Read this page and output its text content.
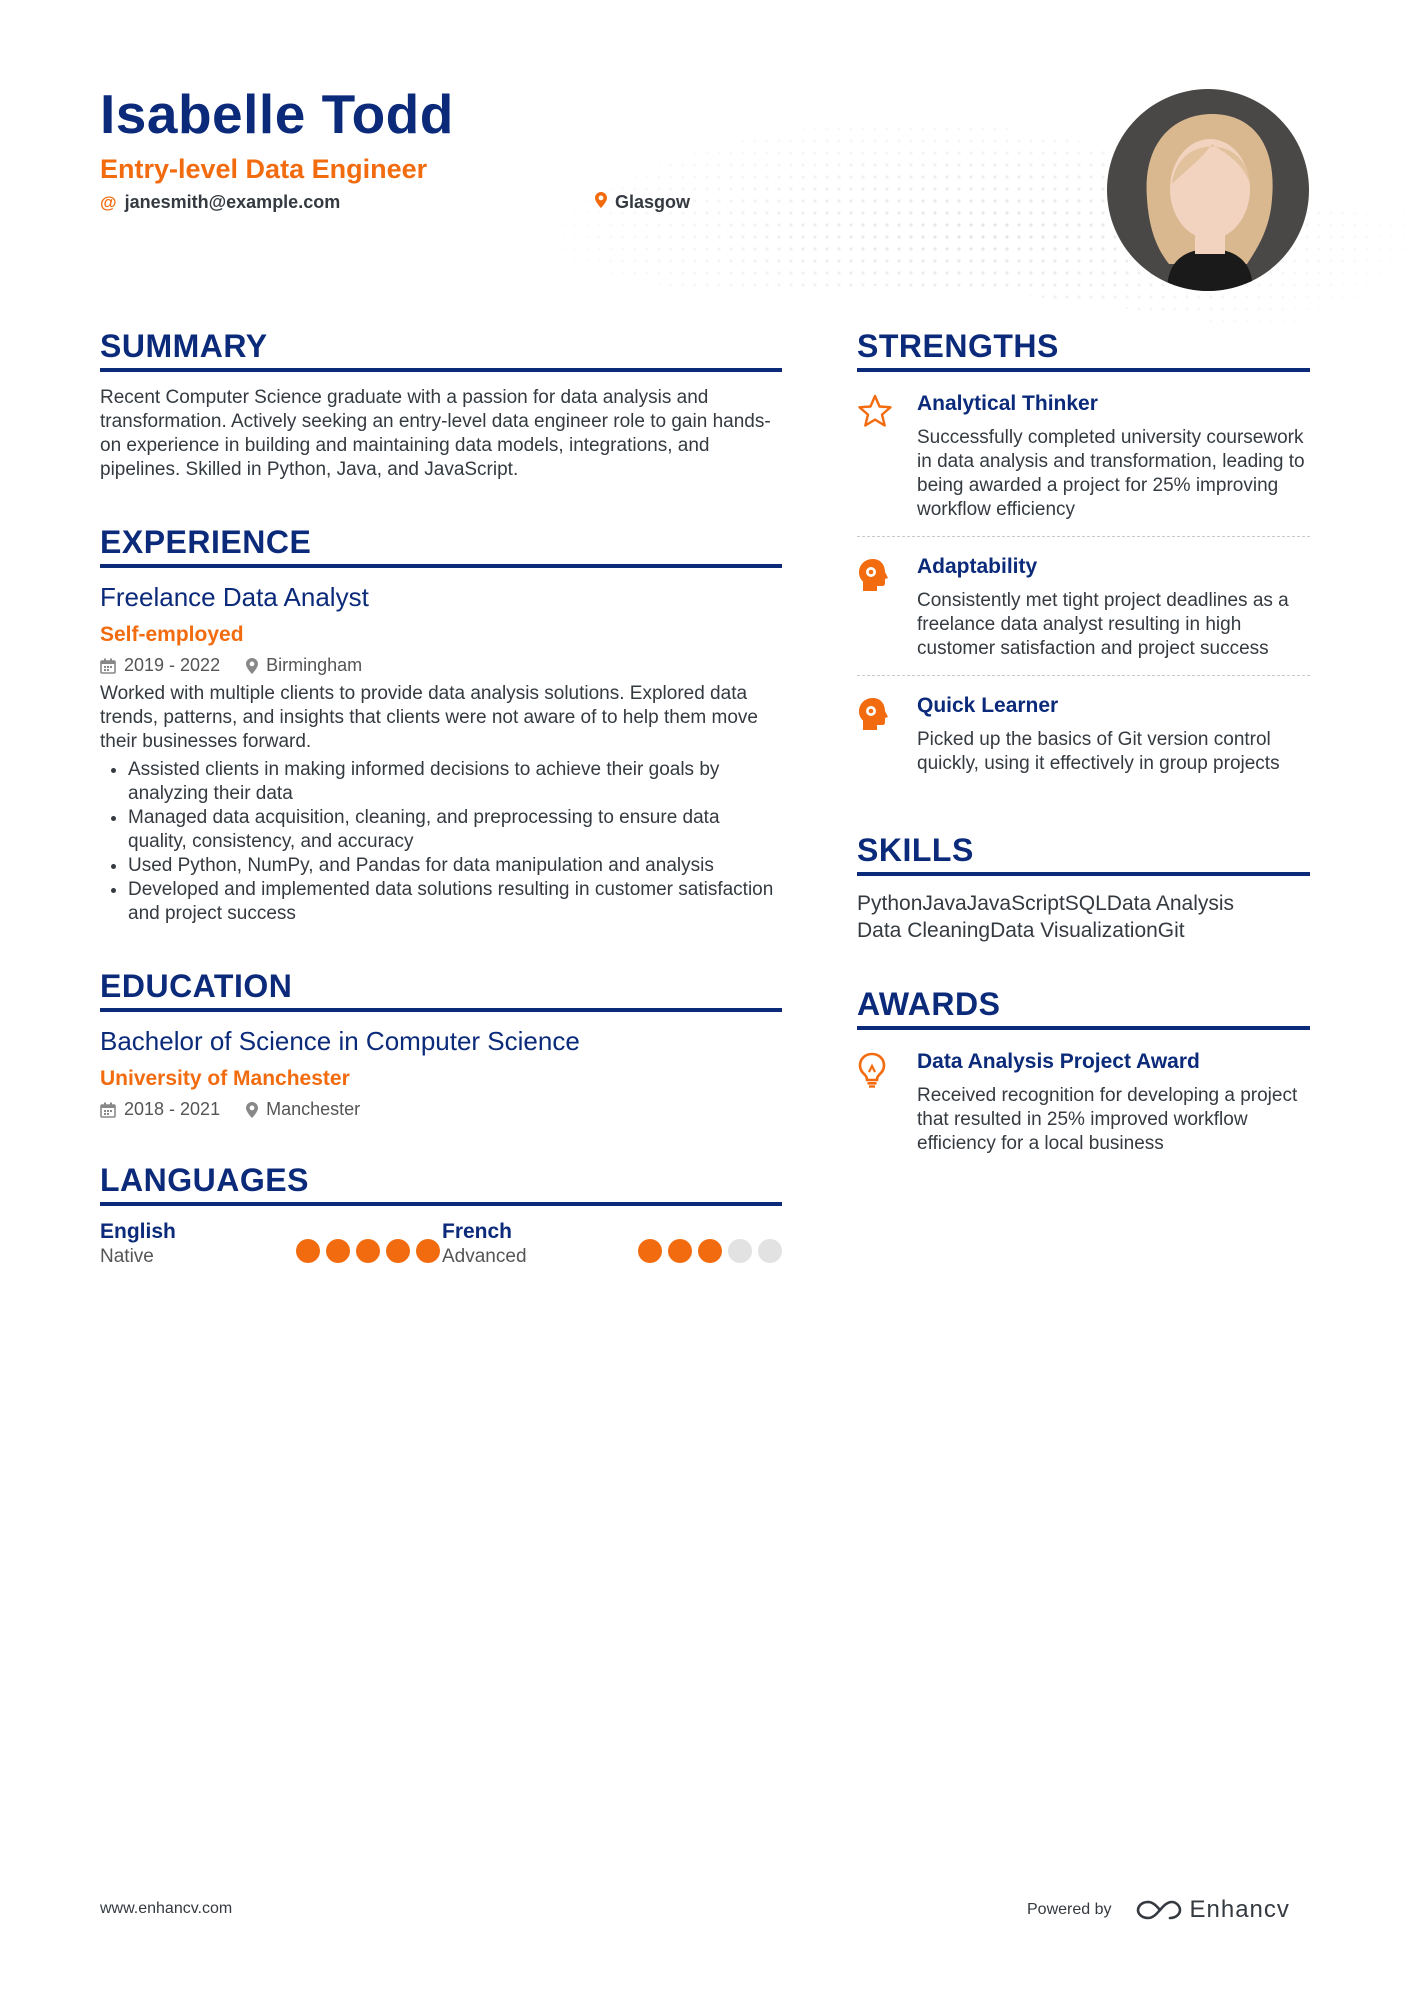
Isabelle Todd
Entry-level Data Engineer
@ janesmith@example.com	Glasgow
SUMMARY
Recent Computer Science graduate with a passion for data analysis and transformation. Actively seeking an entry-level data engineer role to gain hands-on experience in building and maintaining data models, integrations, and pipelines. Skilled in Python, Java, and JavaScript.
EXPERIENCE
Freelance Data Analyst
Self-employed
2019 - 2022	Birmingham
Worked with multiple clients to provide data analysis solutions. Explored data trends, patterns, and insights that clients were not aware of to help them move their businesses forward.
• Assisted clients in making informed decisions to achieve their goals by analyzing their data
• Managed data acquisition, cleaning, and preprocessing to ensure data quality, consistency, and accuracy
• Used Python, NumPy, and Pandas for data manipulation and analysis
• Developed and implemented data solutions resulting in customer satisfaction and project success
EDUCATION
Bachelor of Science in Computer Science
University of Manchester
2018 - 2021	Manchester
LANGUAGES
English
Native
French
Advanced
STRENGTHS
Analytical Thinker
Successfully completed university coursework in data analysis and transformation, leading to being awarded a project for 25% improving workflow efficiency
Adaptability
Consistently met tight project deadlines as a freelance data analyst resulting in high customer satisfaction and project success
Quick Learner
Picked up the basics of Git version control quickly, using it effectively in group projects
SKILLS
PythonJavaJavaScriptSQLData Analysis
Data CleaningData VisualizationGit
AWARDS
Data Analysis Project Award
Received recognition for developing a project that resulted in 25% improved workflow efficiency for a local business
www.enhancv.com	Powered by	Enhancv
